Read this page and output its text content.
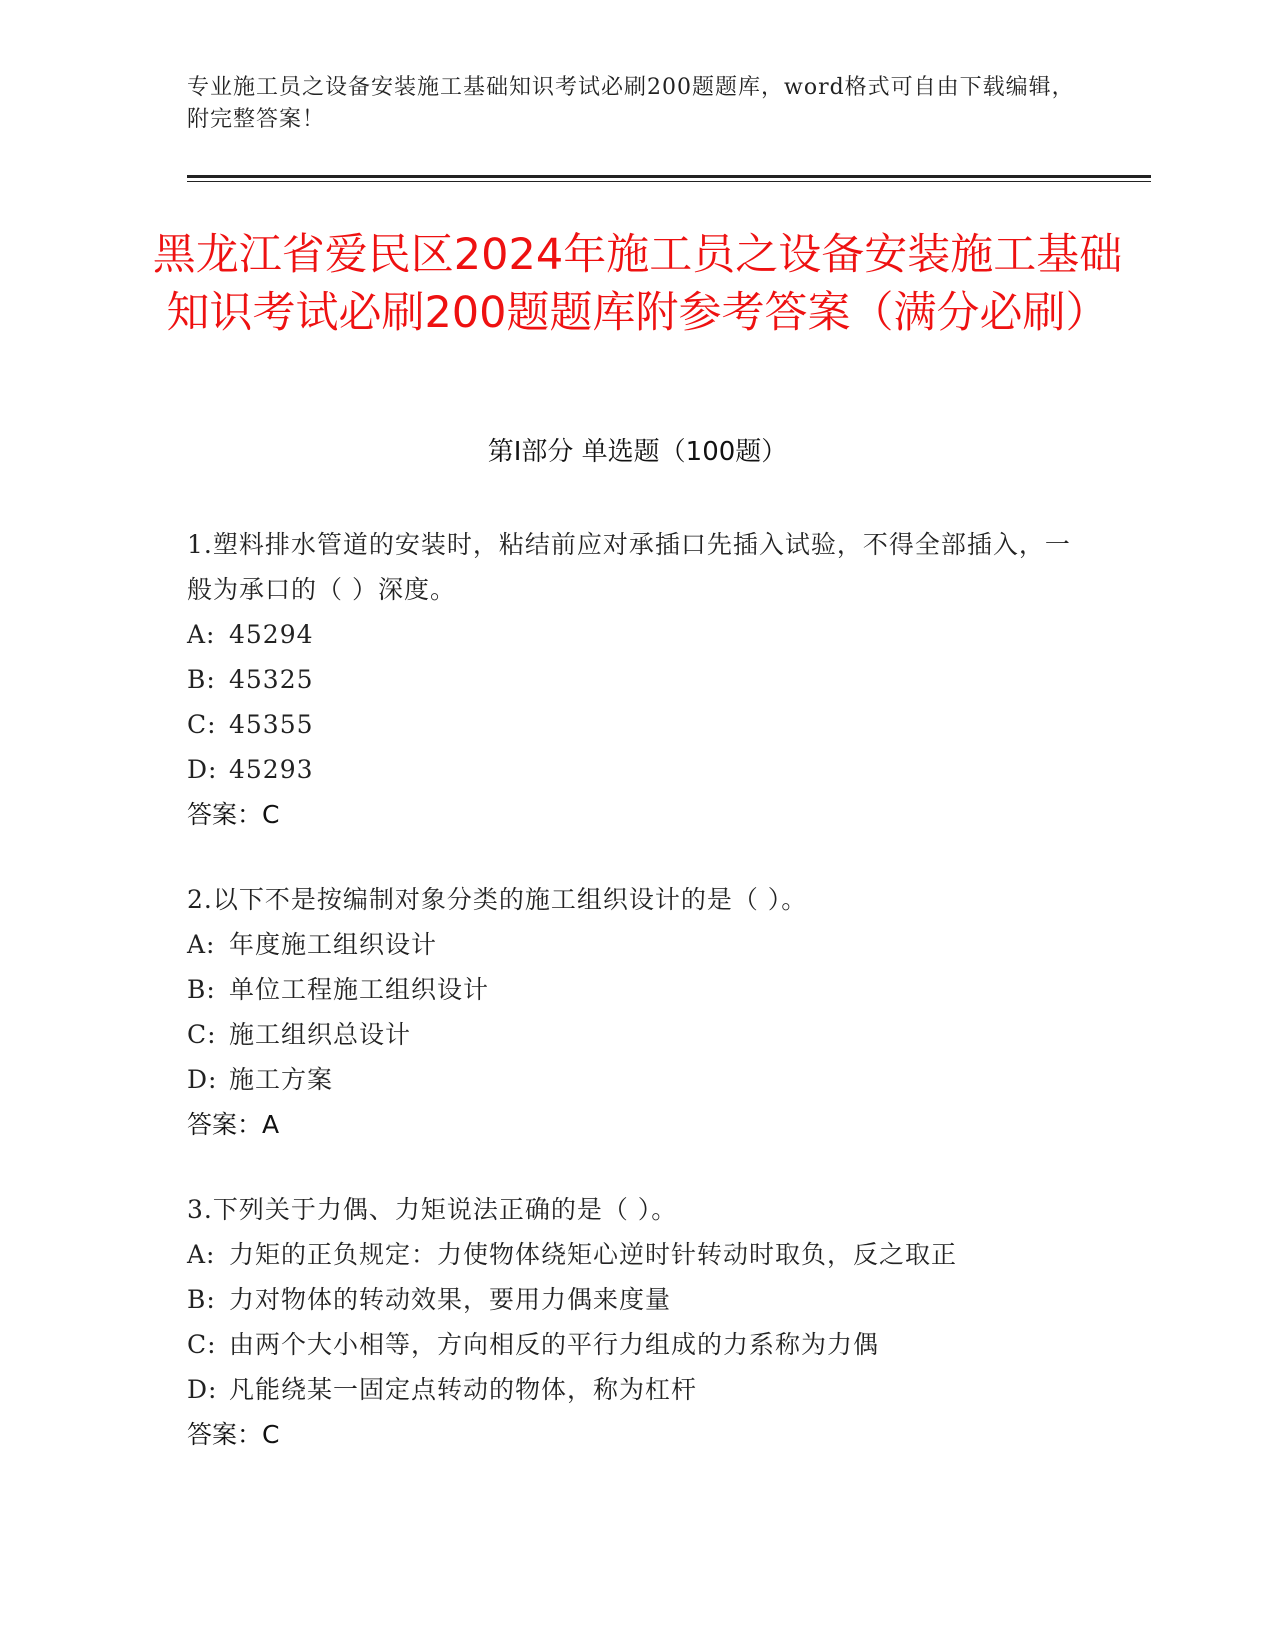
专业施工员之设备安装施工基础知识考试必刷200题题库，word格式可自由下载编辑，附完整答案！
黑龙江省爱民区2024年施工员之设备安装施工基础知识考试必刷200题题库附参考答案（满分必刷）
第I部分 单选题（100题）
1.塑料排水管道的安装时，粘结前应对承插口先插入试验，不得全部插入，一般为承口的（ ）深度。
A: 45294
B: 45325
C: 45355
D: 45293
答案：C
2.以下不是按编制对象分类的施工组织设计的是（ ）。
A: 年度施工组织设计
B: 单位工程施工组织设计
C: 施工组织总设计
D: 施工方案
答案：A
3.下列关于力偶、力矩说法正确的是（ ）。
A: 力矩的正负规定：力使物体绕矩心逆时针转动时取负，反之取正
B: 力对物体的转动效果，要用力偶来度量
C: 由两个大小相等，方向相反的平行力组成的力系称为力偶
D: 凡能绕某一固定点转动的物体，称为杠杆
答案：C
